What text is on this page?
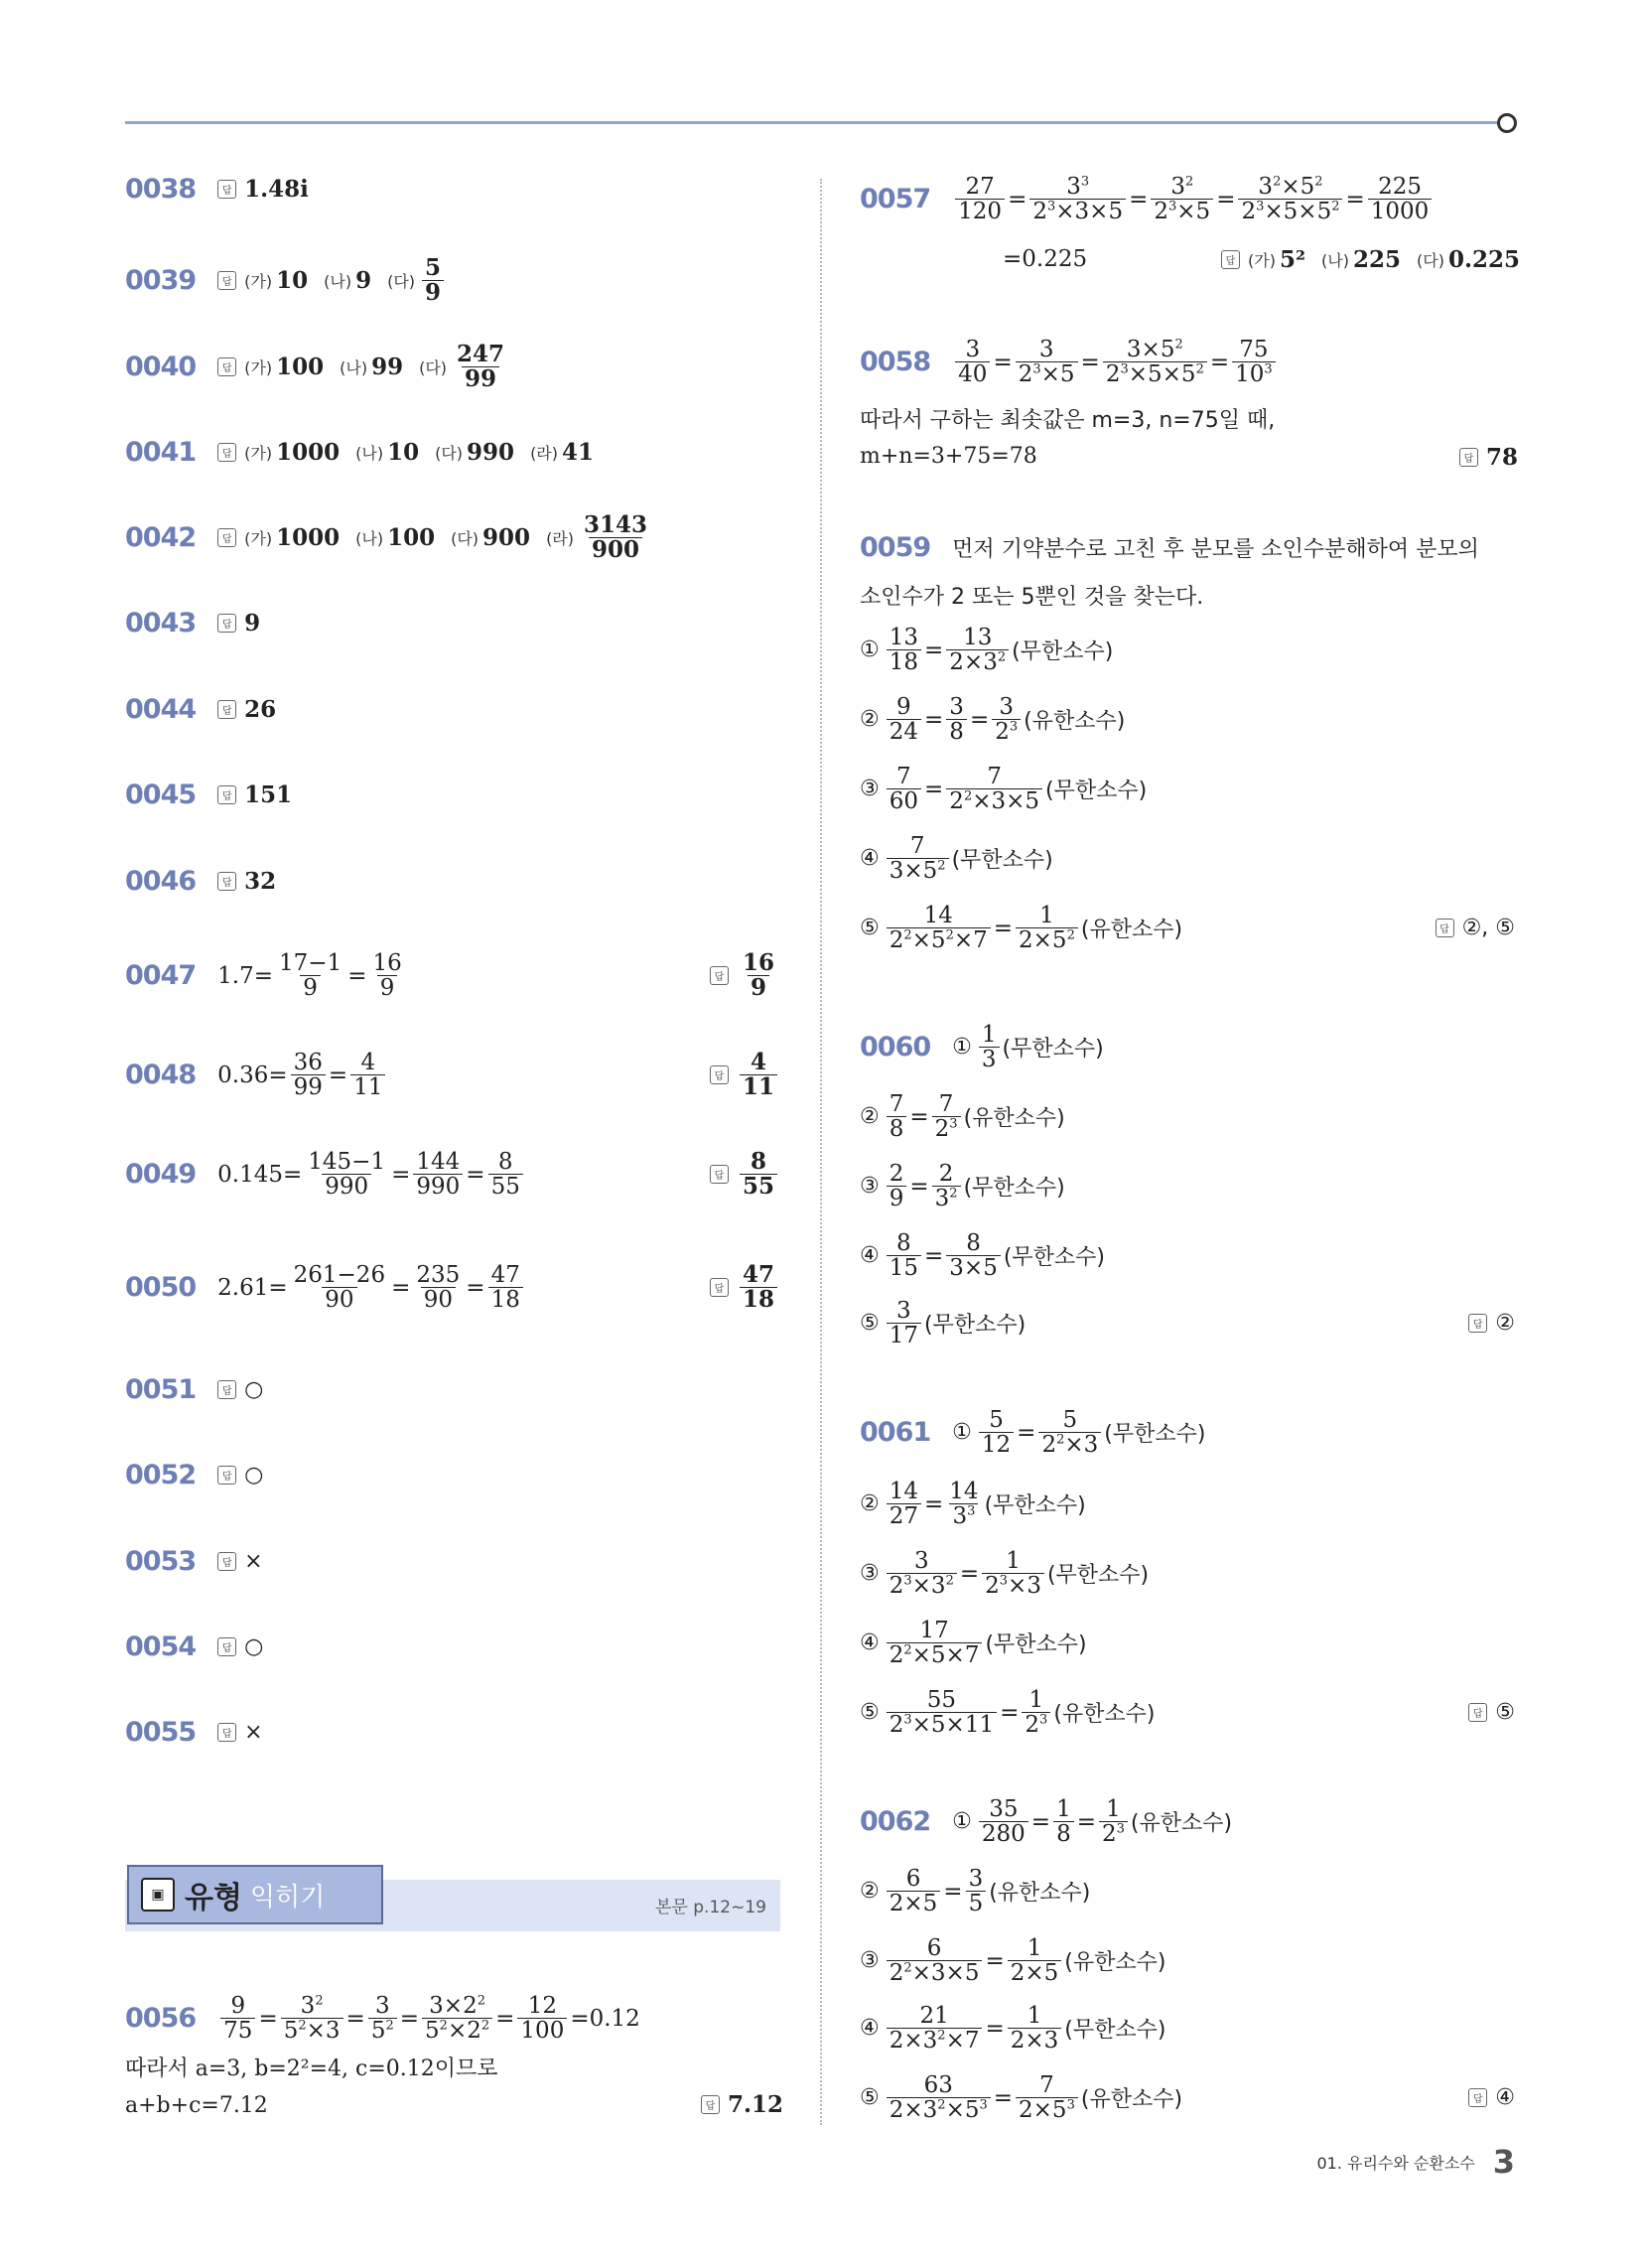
0038	답 1.48i
0039	답 (가) 10 (나) 9 (다) $\frac{5}{9}$
0040	답 (가) 100 (나) 99 (다) $\frac{247}{99}$
0041	답 (가) 1000 (나) 10 (다) 990 (라) 41
0042	답 (가) 1000 (나) 100 (다) 900 (라) $\frac{3143}{900}$
0043	답 9
0044	답 26
0045	답 151
0046	답 32
0047 $1.7= \frac{17-1}{9} = \frac{16}{9}$	답 $\frac{16}{9}$
0048 $0.36= \frac{36}{99} = \frac{4}{11}$	답 $\frac{4}{11}$
0049 $0.145= \frac{145-1}{990} = \frac{144}{990} = \frac{8}{55}$	답 $\frac{8}{55}$
0050 $2.61= \frac{261-26}{90} = \frac{235}{90} = \frac{47}{18}$	답 $\frac{47}{18}$
0051	답 ○
0052	답 ○
0053	답 ×
0054	답 ○
0055	답 ×
▣ 유형 익히기	본문 p.12~19
$0056 \frac{9}{75} = \frac{3^2}{5^2\times 3} = \frac{3}{5^2} = \frac{3\times 2^2}{5^2\times 2^2} = \frac{12}{100} =0.12$
따라서 a=3, b=2²=4, c=0.12이므로
a+b+c=7.12	답 7.12
$0057 \frac{27}{120} = \frac{3^3}{2^3\times 3\times 5} = \frac{3^2}{2^3\times 5} = \frac{3^2\times 5^2}{2^3\times 5\times 5^2} = \frac{225}{1000}$
=0.225	답 (가) 5² (나) 225 (다) 0.225
$0058 \frac{3}{40} = \frac{3}{2^3\times 5} = \frac{3\times 5^2}{2^3\times 5\times 5^2} = \frac{75}{10^3}$
따라서 구하는 최솟값은 m=3, n=75일 때,
m+n=3+75=78	답 78
0059 먼저 기약분수로 고친 후 분모를 소인수분해하여 분모의
소인수가 2 또는 5뿐인 것을 찾는다.
① $\frac{13}{18} = \frac{13}{2\times 3^2}$ (무한소수)
② $\frac{9}{24} = \frac{3}{8} = \frac{3}{2^3}$ (유한소수)
③ $\frac{7}{60} = \frac{7}{2^2\times 3\times 5}$ (무한소수)
④ $\frac{7}{3\times 5^2}$ (무한소수)
⑤ $\frac{14}{2^2\times 5^2\times 7} = \frac{1}{2\times 5^2}$ (유한소수)	답 ②, ⑤
0060 ① $\frac{1}{3}$ (무한소수)
② $\frac{7}{8} = \frac{7}{2^3}$ (유한소수)
③ $\frac{2}{9} = \frac{2}{3^2}$ (무한소수)
④ $\frac{8}{15} = \frac{8}{3\times 5}$ (무한소수)
⑤ $\frac{3}{17}$ (무한소수)	답 ②
0061 ① $\frac{5}{12} = \frac{5}{2^2\times 3}$ (무한소수)
② $\frac{14}{27} = \frac{14}{3^3}$ (무한소수)
③ $\frac{3}{2^3\times 3^2} = \frac{1}{2^3\times 3}$ (무한소수)
④ $\frac{17}{2^2\times 5\times 7}$ (무한소수)
⑤ $\frac{55}{2^3\times 5\times 11} = \frac{1}{2^3}$ (유한소수)	답 ⑤
0062 ① $\frac{35}{280} = \frac{1}{8} = \frac{1}{2^3}$ (유한소수)
② $\frac{6}{2\times 5} = \frac{3}{5}$ (유한소수)
③ $\frac{6}{2^2\times 3\times 5} = \frac{1}{2\times 5}$ (유한소수)
④ $\frac{21}{2\times 3^2\times 7} = \frac{1}{2\times 3}$ (무한소수)
⑤ $\frac{63}{2\times 3^2\times 5^3} = \frac{7}{2\times 5^3}$ (유한소수)	답 ④
01. 유리수와 순환소수 3
